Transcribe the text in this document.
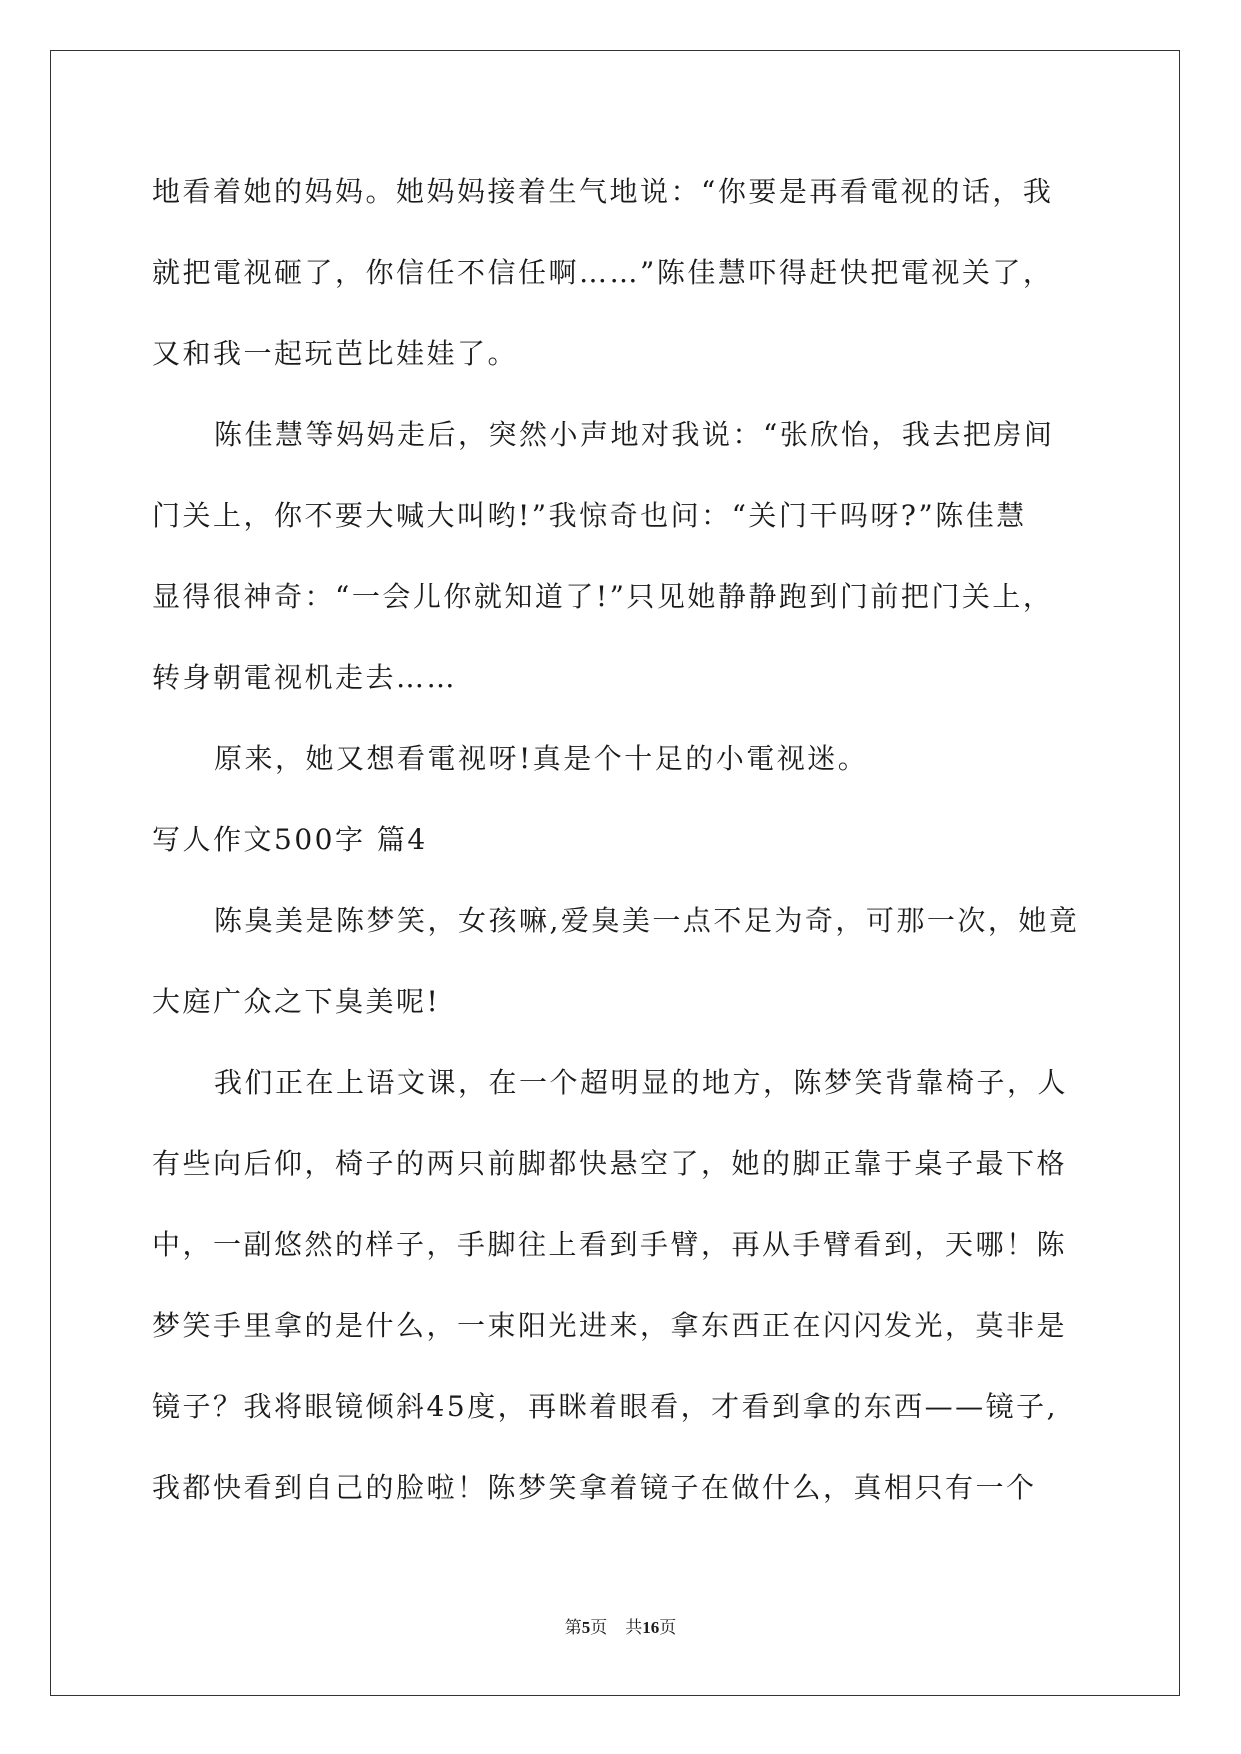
地看着她的妈妈。她妈妈接着生气地说：“你要是再看電视的话，我
就把電视砸了，你信任不信任啊……”陈佳慧吓得赶快把電视关了，
又和我一起玩芭比娃娃了。
陈佳慧等妈妈走后，突然小声地对我说：“张欣怡，我去把房间
门关上，你不要大喊大叫哟!”我惊奇也问：“关门干吗呀?”陈佳慧
显得很神奇：“一会儿你就知道了!”只见她静静跑到门前把门关上，
转身朝電视机走去……
原来，她又想看電视呀!真是个十足的小電视迷。
写人作文500字 篇4
陈臭美是陈梦笑，女孩嘛,爱臭美一点不足为奇，可那一次，她竟
大庭广众之下臭美呢!
我们正在上语文课，在一个超明显的地方，陈梦笑背靠椅子，人
有些向后仰，椅子的两只前脚都快悬空了，她的脚正靠于桌子最下格
中，一副悠然的样子，手脚往上看到手臂，再从手臂看到，天哪！陈
梦笑手里拿的是什么，一束阳光进来，拿东西正在闪闪发光，莫非是
镜子？我将眼镜倾斜45度，再眯着眼看，才看到拿的东西——镜子,
我都快看到自己的脸啦！陈梦笑拿着镜子在做什么，真相只有一个
第5页 共16页
